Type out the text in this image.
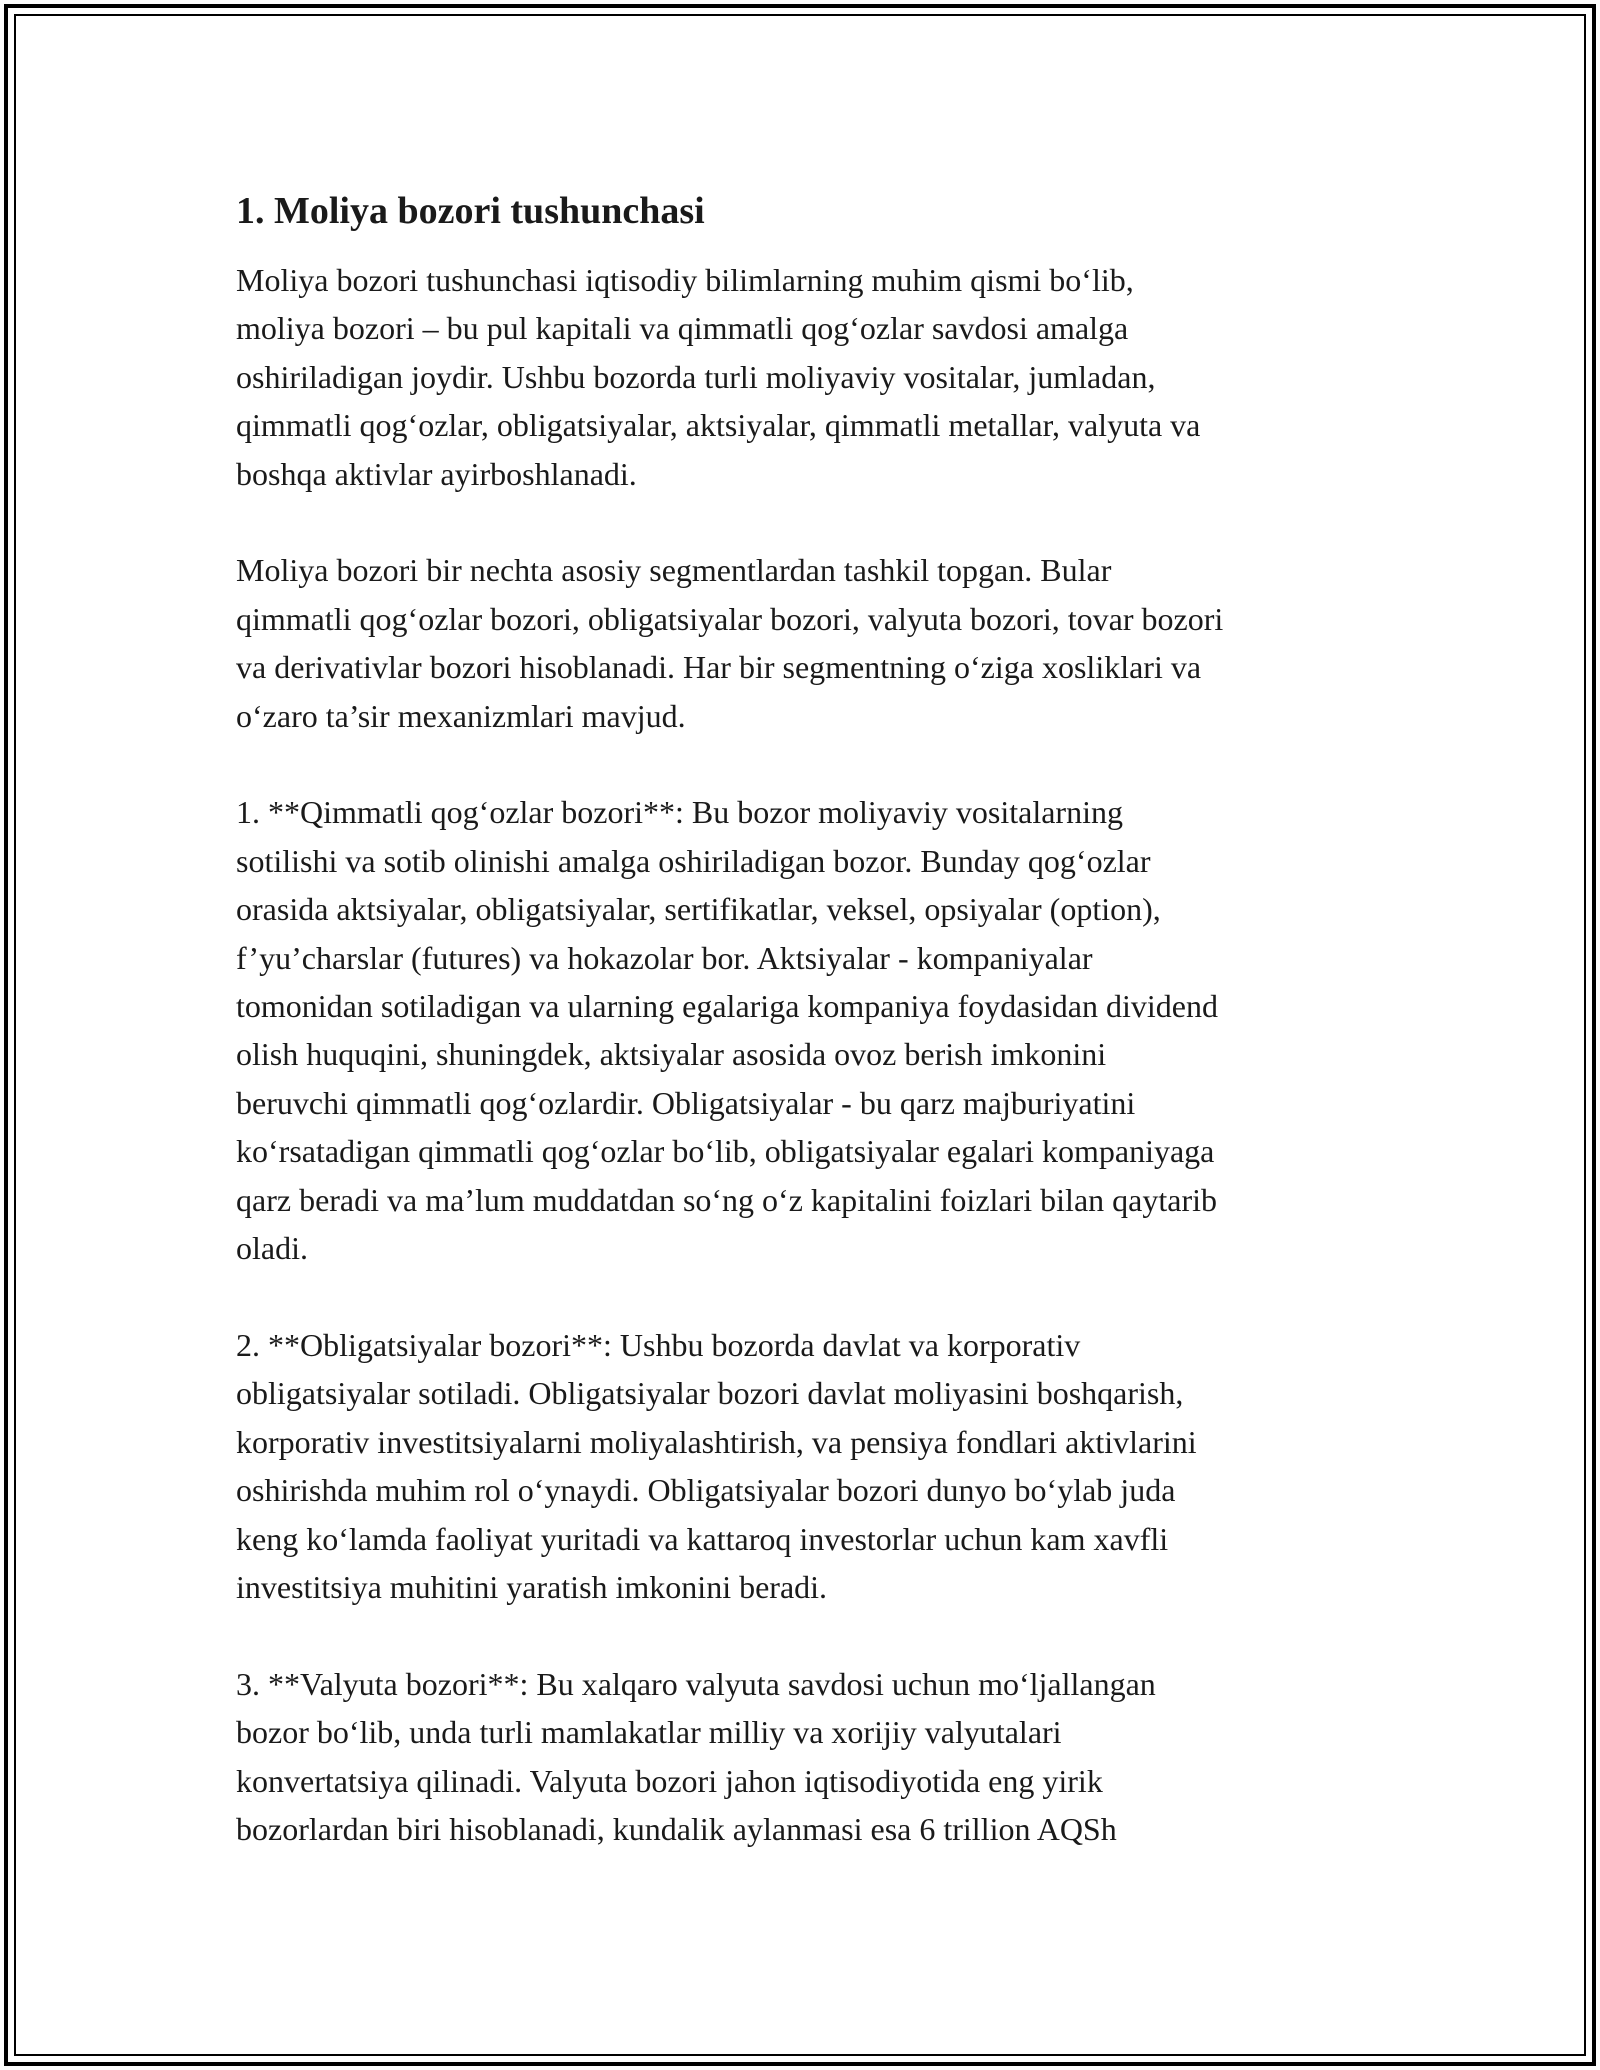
1. Moliya bozori tushunchasi

Moliya bozori tushunchasi iqtisodiy bilimlarning muhim qismi bo‘lib,
moliya bozori – bu pul kapitali va qimmatli qog‘ozlar savdosi amalga
oshiriladigan joydir. Ushbu bozorda turli moliyaviy vositalar, jumladan,
qimmatli qog‘ozlar, obligatsiyalar, aktsiyalar, qimmatli metallar, valyuta va
boshqa aktivlar ayirboshlanadi.

Moliya bozori bir nechta asosiy segmentlardan tashkil topgan. Bular
qimmatli qog‘ozlar bozori, obligatsiyalar bozori, valyuta bozori, tovar bozori
va derivativlar bozori hisoblanadi. Har bir segmentning o‘ziga xosliklari va
o‘zaro ta’sir mexanizmlari mavjud.

1. **Qimmatli qog‘ozlar bozori**: Bu bozor moliyaviy vositalarning
sotilishi va sotib olinishi amalga oshiriladigan bozor. Bunday qog‘ozlar
orasida aktsiyalar, obligatsiyalar, sertifikatlar, veksel, opsiyalar (option),
f’yu’charslar (futures) va hokazolar bor. Aktsiyalar - kompaniyalar
tomonidan sotiladigan va ularning egalariga kompaniya foydasidan dividend
olish huquqini, shuningdek, aktsiyalar asosida ovoz berish imkonini
beruvchi qimmatli qog‘ozlardir. Obligatsiyalar - bu qarz majburiyatini
ko‘rsatadigan qimmatli qog‘ozlar bo‘lib, obligatsiyalar egalari kompaniyaga
qarz beradi va ma’lum muddatdan so‘ng o‘z kapitalini foizlari bilan qaytarib
oladi.

2. **Obligatsiyalar bozori**: Ushbu bozorda davlat va korporativ
obligatsiyalar sotiladi. Obligatsiyalar bozori davlat moliyasini boshqarish,
korporativ investitsiyalarni moliyalashtirish, va pensiya fondlari aktivlarini
oshirishda muhim rol o‘ynaydi. Obligatsiyalar bozori dunyo bo‘ylab juda
keng ko‘lamda faoliyat yuritadi va kattaroq investorlar uchun kam xavfli
investitsiya muhitini yaratish imkonini beradi.

3. **Valyuta bozori**: Bu xalqaro valyuta savdosi uchun mo‘ljallangan
bozor bo‘lib, unda turli mamlakatlar milliy va xorijiy valyutalari
konvertatsiya qilinadi. Valyuta bozori jahon iqtisodiyotida eng yirik
bozorlardan biri hisoblanadi, kundalik aylanmasi esa 6 trillion AQSh
